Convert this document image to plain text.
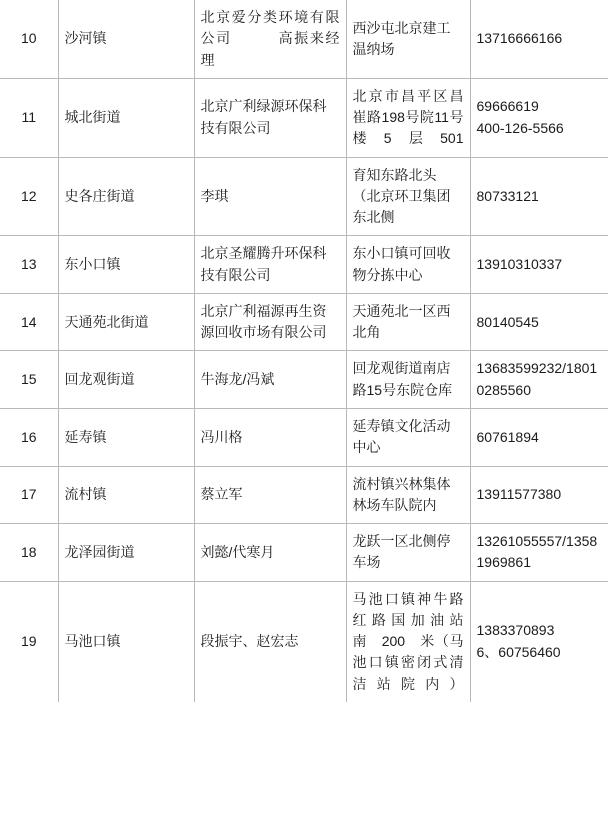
10	沙河镇	北京爱分类环境有限公司　　　高振来经理	西沙屯北京建工温纳场	13716666166

11	城北街道	北京广利绿源环保科技有限公司	北京市昌平区昌崔路198号院11号楼5层501	69666619
400-126-5566

12	史各庄街道	李琪	育知东路北头（北京环卫集团东北侧	80733121

13	东小口镇	北京圣耀腾升环保科技有限公司	东小口镇可回收物分拣中心	13910310337

14	天通苑北街道	北京广利福源再生资源回收市场有限公司	天通苑北一区西北角	80140545

15	回龙观街道	牛海龙/冯斌	回龙观街道南店路15号东院仓库	13683599232/18010285560

16	延寿镇	冯川格	延寿镇文化活动中心	60761894

17	流村镇	蔡立军	流村镇兴林集体林场车队院内	13911577380

18	龙泽园街道	刘懿/代寒月	龙跃一区北侧停车场	13261055557/13581969861

19	马池口镇	段振宇、赵宏志	马池口镇神牛路红路国加油站　南　200　米（马池口镇密闭式清洁站院内）	1383370893
6、60756460
